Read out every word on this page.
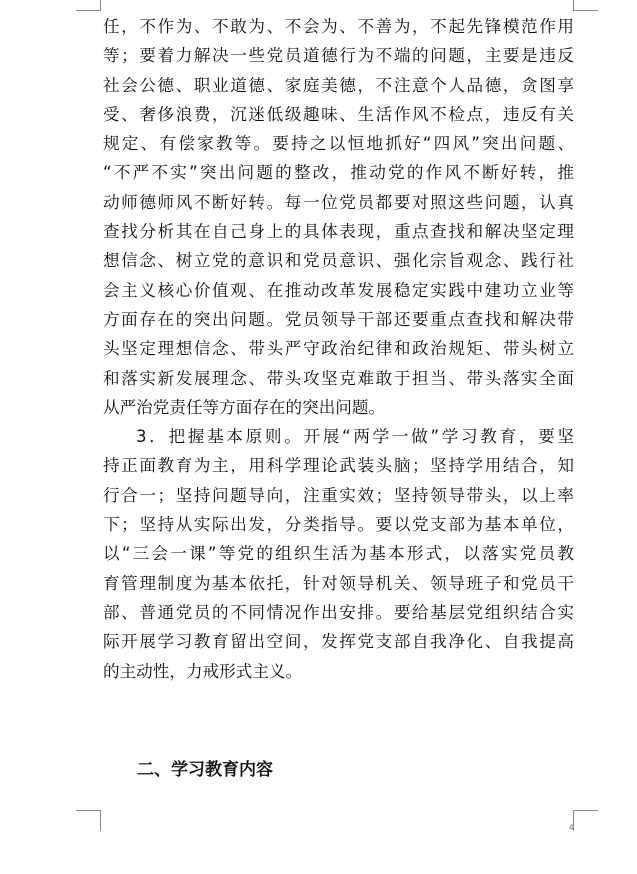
任，不作为、不敢为、不会为、不善为，不起先锋模范作用
等；要着力解决一些党员道德行为不端的问题，主要是违反
社会公德、职业道德、家庭美德，不注意个人品德，贪图享
受、奢侈浪费，沉迷低级趣味、生活作风不检点，违反有关
规定、有偿家教等。要持之以恒地抓好“四风”突出问题、
“不严不实”突出问题的整改，推动党的作风不断好转，推
动师德师风不断好转。每一位党员都要对照这些问题，认真
查找分析其在自己身上的具体表现，重点查找和解决坚定理
想信念、树立党的意识和党员意识、强化宗旨观念、践行社
会主义核心价值观、在推动改革发展稳定实践中建功立业等
方面存在的突出问题。党员领导干部还要重点查找和解决带
头坚定理想信念、带头严守政治纪律和政治规矩、带头树立
和落实新发展理念、带头攻坚克难敢于担当、带头落实全面
从严治党责任等方面存在的突出问题。
3．把握基本原则。开展“两学一做”学习教育，要坚
持正面教育为主，用科学理论武装头脑；坚持学用结合，知
行合一；坚持问题导向，注重实效；坚持领导带头，以上率
下；坚持从实际出发，分类指导。要以党支部为基本单位，
以“三会一课”等党的组织生活为基本形式，以落实党员教
育管理制度为基本依托，针对领导机关、领导班子和党员干
部、普通党员的不同情况作出安排。要给基层党组织结合实
际开展学习教育留出空间，发挥党支部自我净化、自我提高
的主动性，力戒形式主义。
二、学习教育内容
4
